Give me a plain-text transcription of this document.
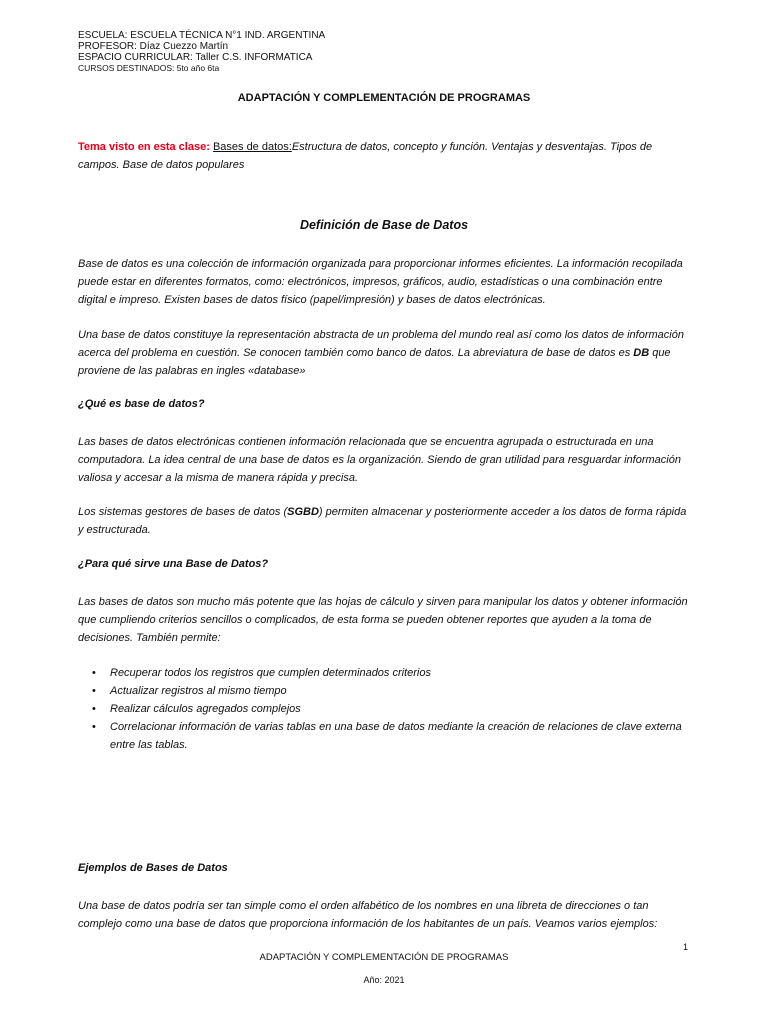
ESCUELA: ESCUELA TÉCNICA N°1 IND. ARGENTINA
PROFESOR: Díaz Cuezzo Martín
ESPACIO CURRICULAR: Taller C.S. INFORMATICA
CURSOS DESTINADOS: 5to año 6ta
ADAPTACIÓN Y COMPLEMENTACIÓN DE PROGRAMAS
Tema visto en esta clase: Bases de datos:Estructura de datos, concepto y función. Ventajas y desventajas. Tipos de campos. Base de datos populares
Definición de Base de Datos
Base de datos es una colección de información organizada para proporcionar informes eficientes. La información recopilada puede estar en diferentes formatos, como: electrónicos, impresos, gráficos, audio, estadísticas o una combinación entre digital e impreso. Existen bases de datos físico (papel/impresión) y bases de datos electrónicas.
Una base de datos constituye la representación abstracta de un problema del mundo real así como los datos de información acerca del problema en cuestión. Se conocen también como banco de datos. La abreviatura de base de datos es DB que proviene de las palabras en ingles «database»
¿Qué es base de datos?
Las bases de datos electrónicas contienen información relacionada que se encuentra agrupada o estructurada en una computadora. La idea central de una base de datos es la organización. Siendo de gran utilidad para resguardar información valiosa y accesar a la misma de manera rápida y precisa.
Los sistemas gestores de bases de datos (SGBD) permiten almacenar y posteriormente acceder a los datos de forma rápida y estructurada.
¿Para qué sirve una Base de Datos?
Las bases de datos son mucho más potente que las hojas de cálculo y sirven para manipular los datos y obtener información que cumpliendo criterios sencillos o complicados, de esta forma se pueden obtener reportes que ayuden a la toma de decisiones. También permite:
• Recuperar todos los registros que cumplen determinados criterios
• Actualizar registros al mismo tiempo
• Realizar cálculos agregados complejos
• Correlacionar información de varias tablas en una base de datos mediante la creación de relaciones de clave externa entre las tablas.
Ejemplos de Bases de Datos
Una base de datos podría ser tan simple como el orden alfabético de los nombres en una libreta de direcciones o tan complejo como una base de datos que proporciona información de los habitantes de un país. Veamos varios ejemplos:
1
ADAPTACIÓN Y COMPLEMENTACIÓN DE PROGRAMAS
Año: 2021
